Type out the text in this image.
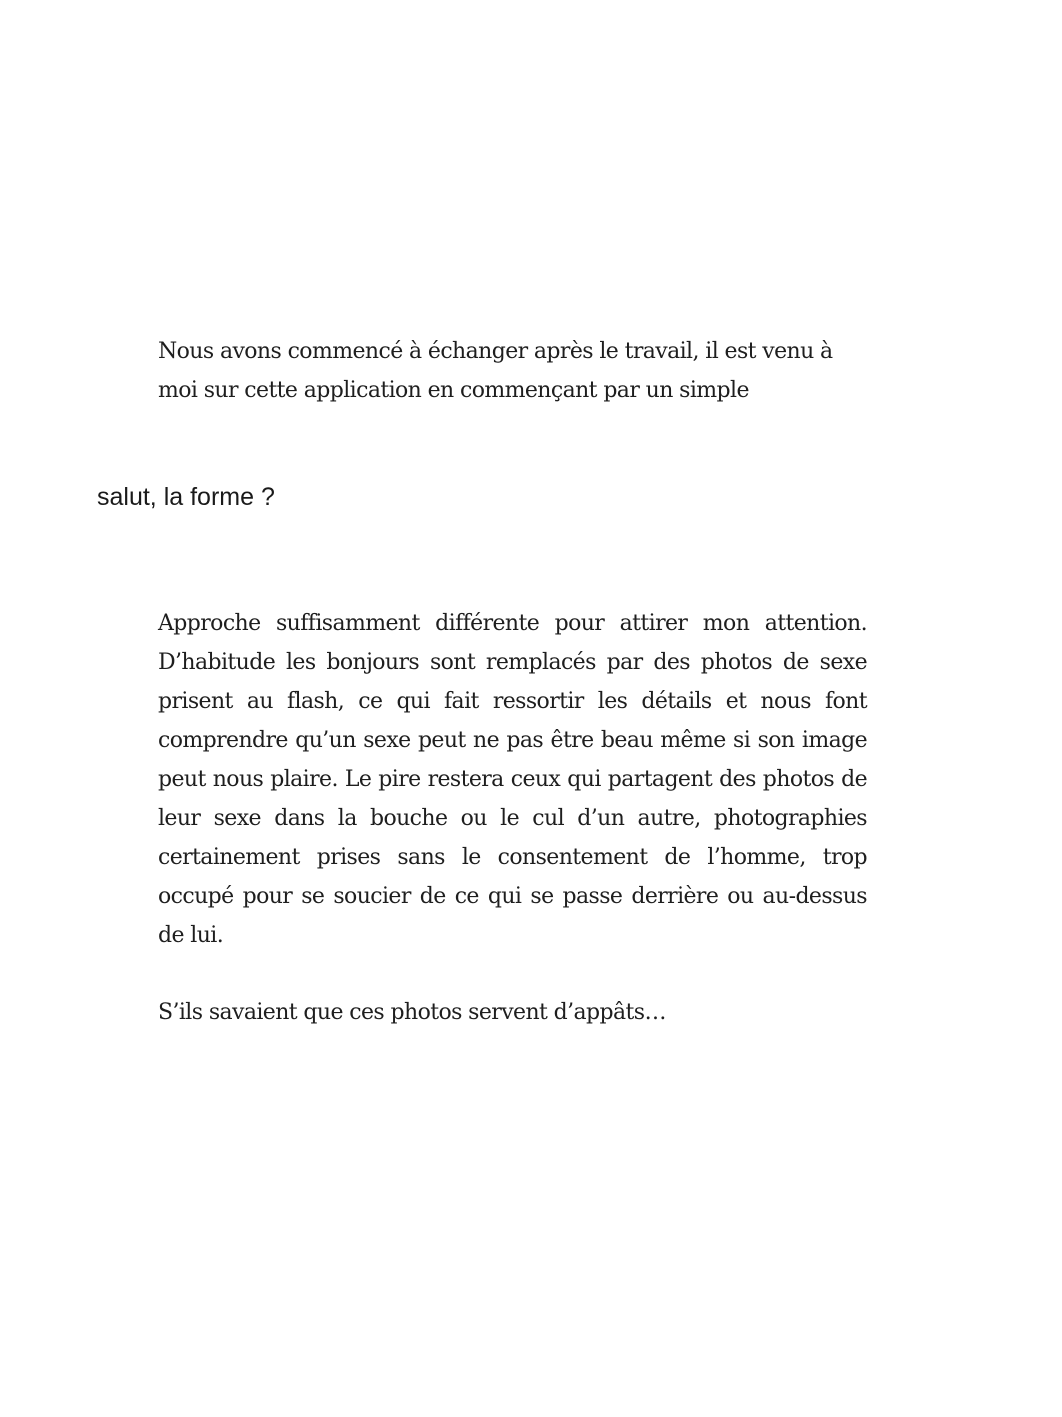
Nous avons commencé à échanger après le travail, il est venu à moi sur cette application en commençant par un simple

salut, la forme ?

Approche suffisamment différente pour attirer mon attention. D’habitude les bonjours sont remplacés par des photos de sexe prisent au flash, ce qui fait ressortir les détails et nous font comprendre qu’un sexe peut ne pas être beau même si son image peut nous plaire. Le pire restera ceux qui partagent des photos de leur sexe dans la bouche ou le cul d’un autre, photographies certainement prises sans le consentement de l’homme, trop occupé pour se soucier de ce qui se passe derrière ou au-dessus de lui.

S’ils savaient que ces photos servent d’appâts…
